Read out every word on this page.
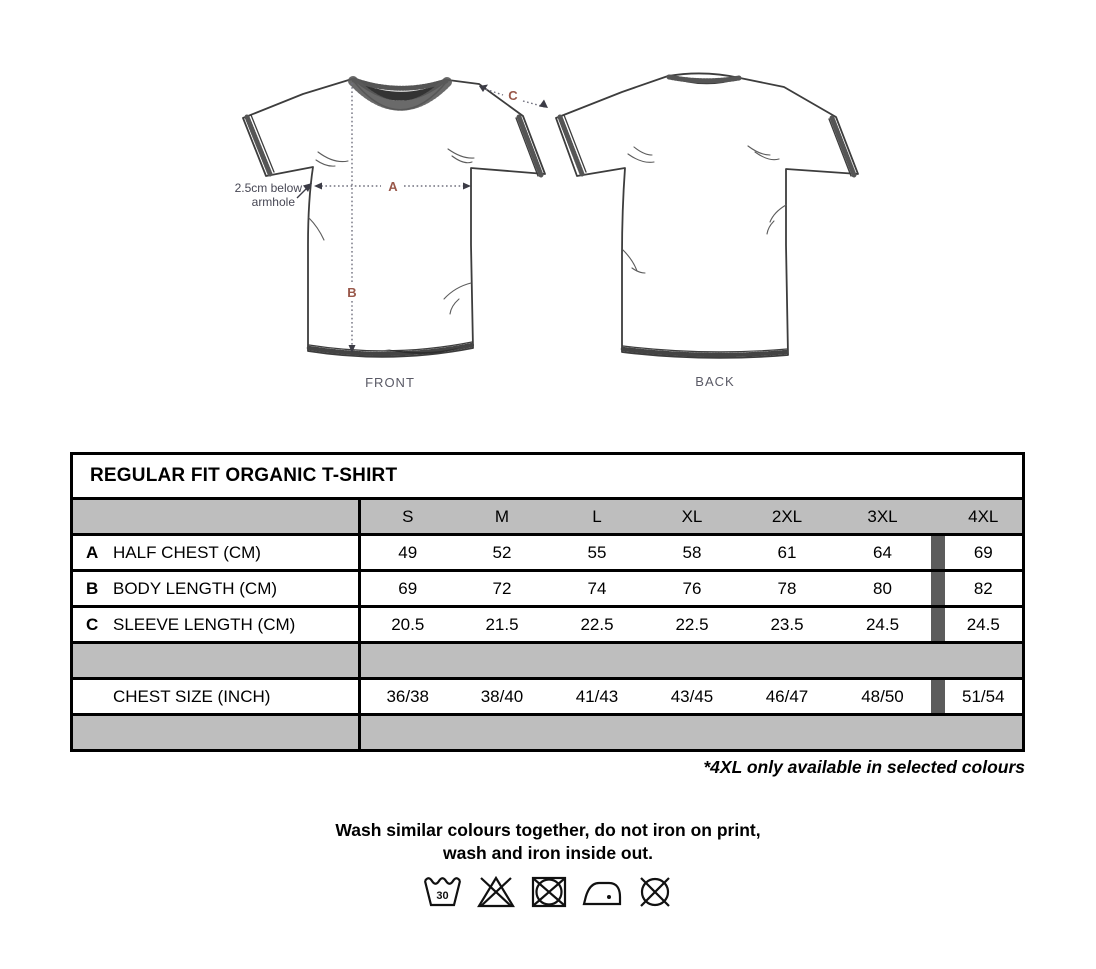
A
B
C
2.5cm below
armhole
FRONT	BACK
REGULAR FIT ORGANIC T-SHIRT								
	S	M	L	XL	2XL	3XL		4XL
A HALF CHEST (CM)	49	52	55	58	61	64		69
B BODY LENGTH (CM)	69	72	74	76	78	80		82
C SLEEVE LENGTH (CM)	20.5	21.5	22.5	22.5	23.5	24.5		24.5

CHEST SIZE (INCH)	36/38	38/40	41/43	43/45	46/47	48/50		51/54

*4XL only available in selected colours
Wash similar colours together, do not iron on print,
wash and iron inside out.
30
